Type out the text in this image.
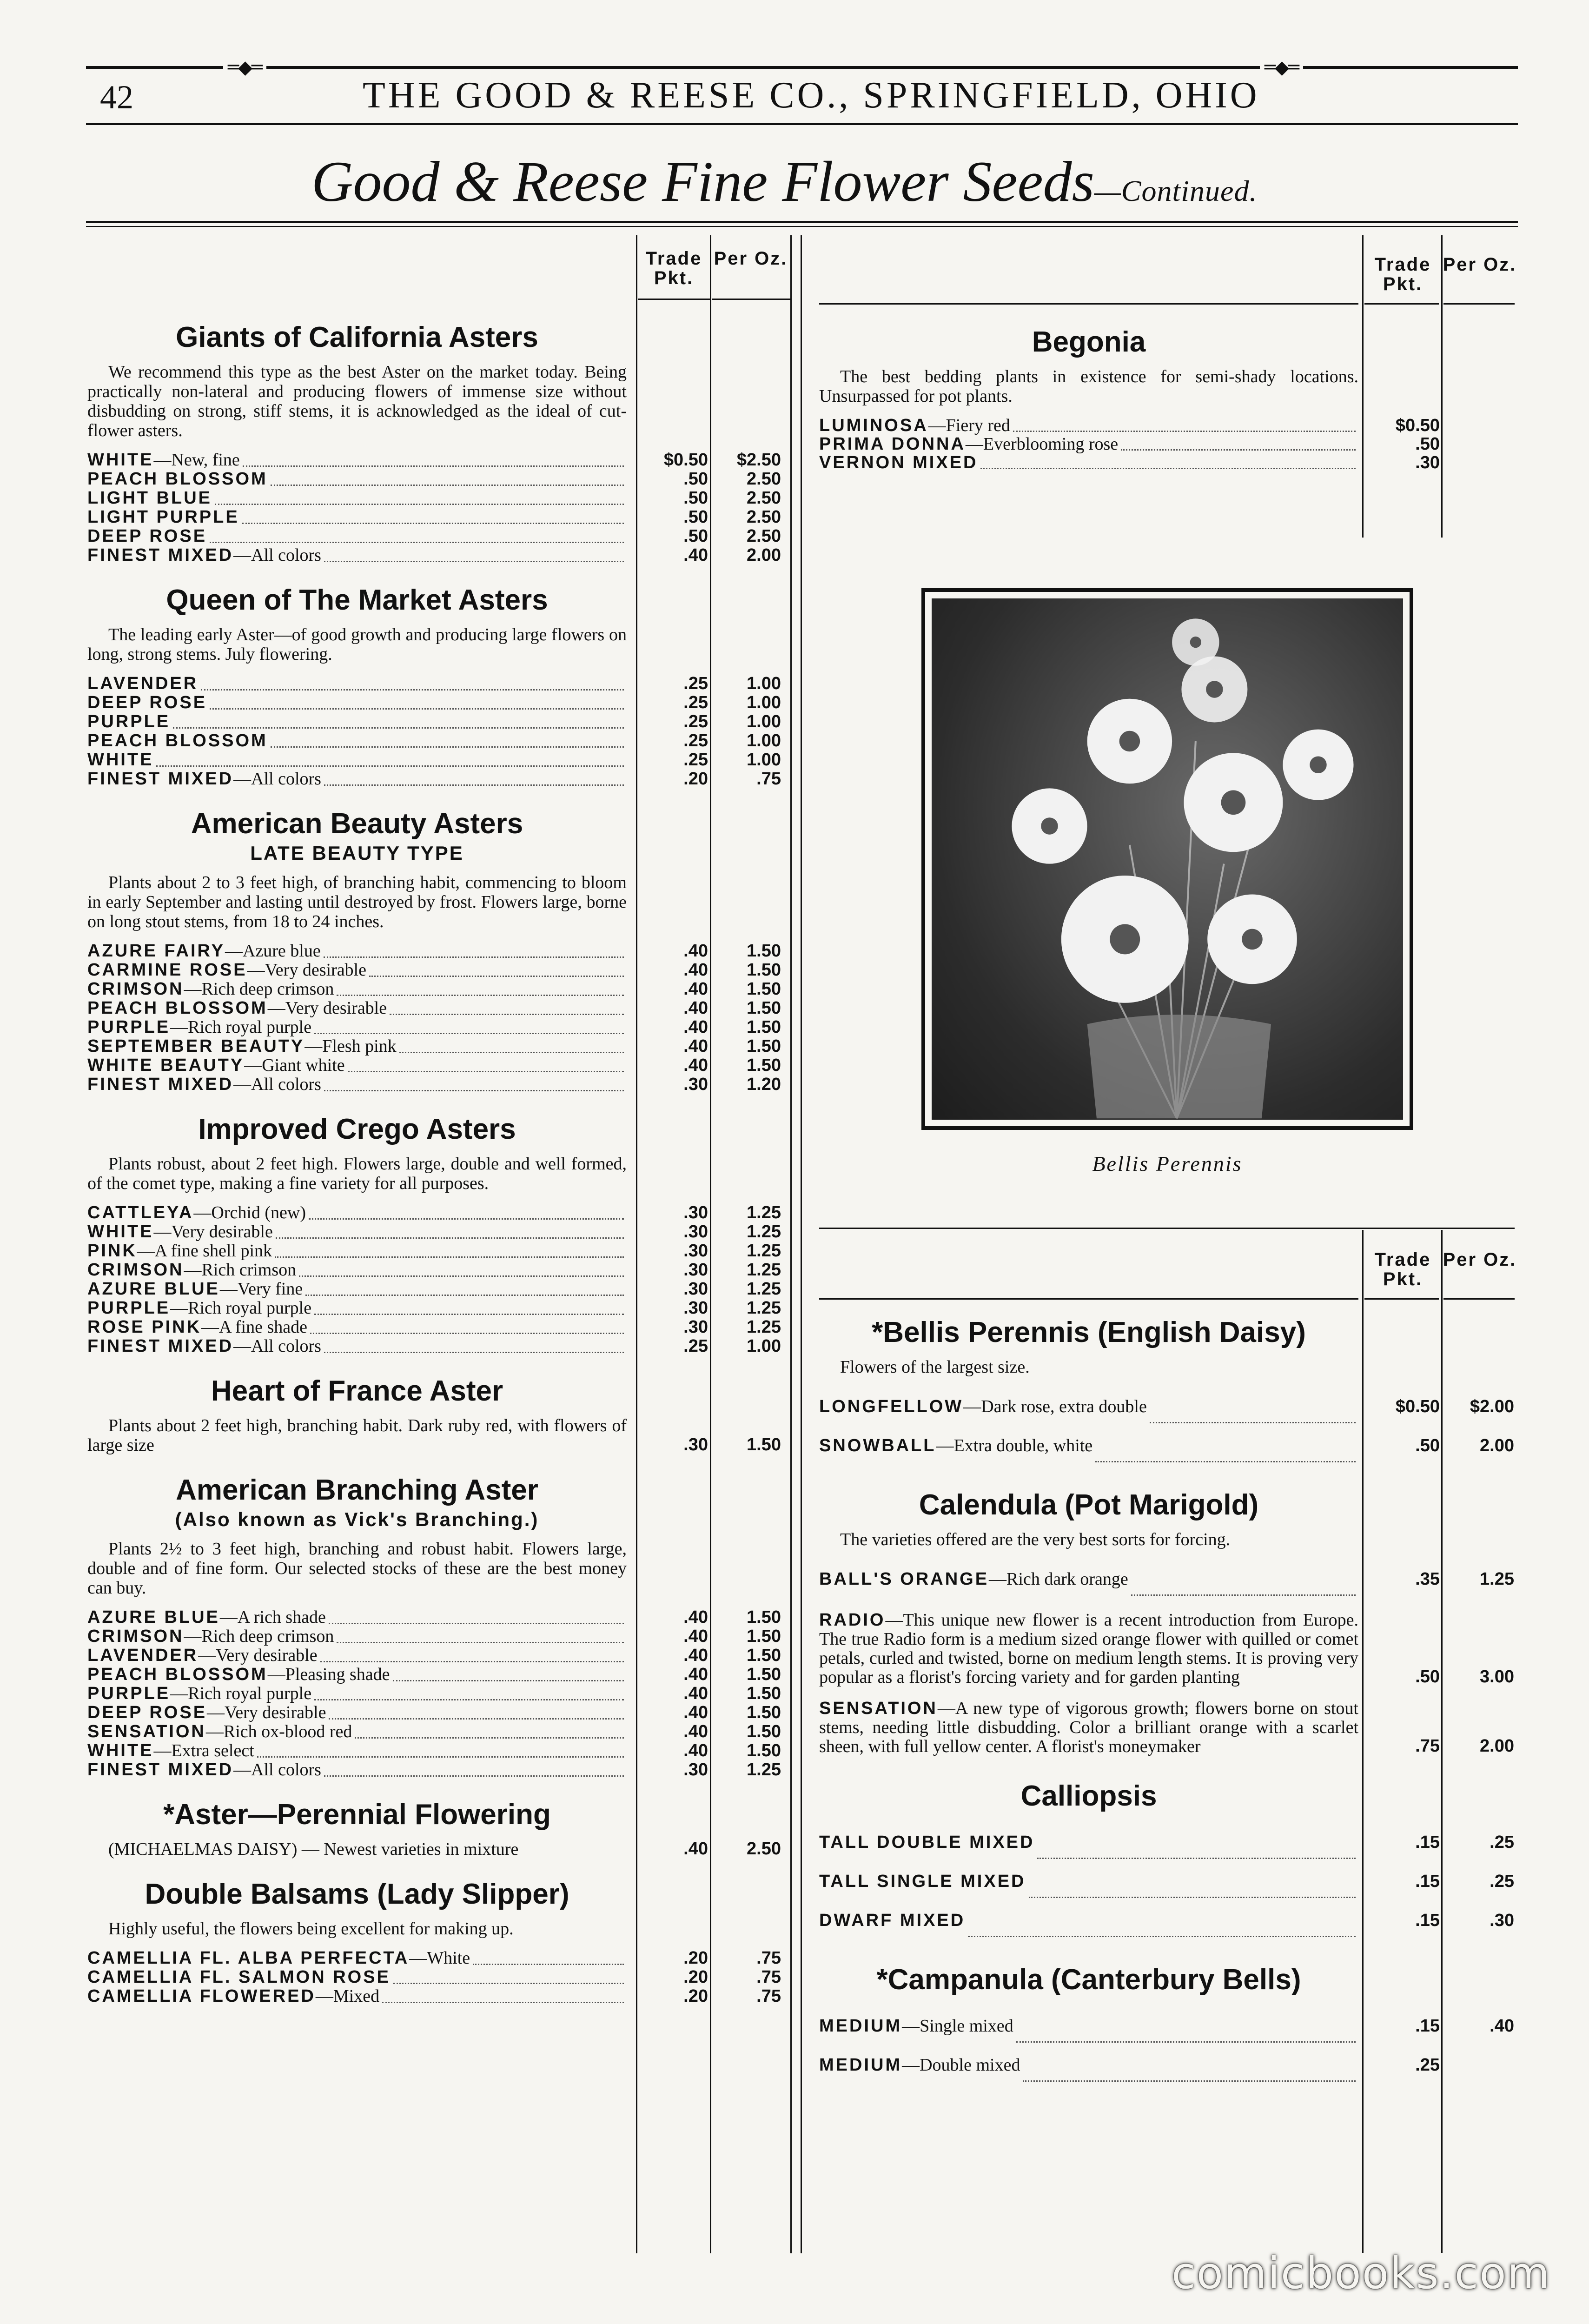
═◆═	═◆═
42	THE GOOD & REESE CO., SPRINGFIELD, OHIO
Good & Reese Fine Flower Seeds—Continued.
Trade Pkt.
Per Oz.	Trade Pkt.
Per Oz.
Trade Pkt.
Per Oz.
Giants of California Asters
We recommend this type as the best Aster on the market today. Being practically non-lateral and producing flowers of immense size without disbudding on strong, stiff stems, it is acknowledged as the ideal of cut-flower asters.
WHITE—New, fine	$0.50	$2.50
PEACH BLOSSOM	.50	2.50
LIGHT BLUE	.50	2.50
LIGHT PURPLE	.50	2.50
DEEP ROSE	.50	2.50
FINEST MIXED—All colors	.40	2.00
Queen of The Market Asters
The leading early Aster—of good growth and producing large flowers on long, strong stems. July flowering.
LAVENDER	.25	1.00
DEEP ROSE	.25	1.00
PURPLE	.25	1.00
PEACH BLOSSOM	.25	1.00
WHITE	.25	1.00
FINEST MIXED—All colors	.20	.75
American Beauty Asters
LATE BEAUTY TYPE
Plants about 2 to 3 feet high, of branching habit, commencing to bloom in early September and lasting until destroyed by frost. Flowers large, borne on long stout stems, from 18 to 24 inches.
AZURE FAIRY—Azure blue	.40	1.50
CARMINE ROSE—Very desirable	.40	1.50
CRIMSON—Rich deep crimson	.40	1.50
PEACH BLOSSOM—Very desirable	.40	1.50
PURPLE—Rich royal purple	.40	1.50
SEPTEMBER BEAUTY—Flesh pink	.40	1.50
WHITE BEAUTY—Giant white	.40	1.50
FINEST MIXED—All colors	.30	1.20
Improved Crego Asters
Plants robust, about 2 feet high. Flowers large, double and well formed, of the comet type, making a fine variety for all purposes.
CATTLEYA—Orchid (new)	.30	1.25
WHITE—Very desirable	.30	1.25
PINK—A fine shell pink	.30	1.25
CRIMSON—Rich crimson	.30	1.25
AZURE BLUE—Very fine	.30	1.25
PURPLE—Rich royal purple	.30	1.25
ROSE PINK—A fine shade	.30	1.25
FINEST MIXED—All colors	.25	1.00
Heart of France Aster
Plants about 2 feet high, branching habit. Dark ruby red, with flowers of large size	.30	1.50
American Branching Aster
(Also known as Vick's Branching.)
Plants 2½ to 3 feet high, branching and robust habit. Flowers large, double and of fine form. Our selected stocks of these are the best money can buy.
AZURE BLUE—A rich shade	.40	1.50
CRIMSON—Rich deep crimson	.40	1.50
LAVENDER—Very desirable	.40	1.50
PEACH BLOSSOM—Pleasing shade	.40	1.50
PURPLE—Rich royal purple	.40	1.50
DEEP ROSE—Very desirable	.40	1.50
SENSATION—Rich ox-blood red	.40	1.50
WHITE—Extra select	.40	1.50
FINEST MIXED—All colors	.30	1.25
*Aster—Perennial Flowering
(MICHAELMAS DAISY) — Newest varieties in mixture	.40	2.50
Double Balsams (Lady Slipper)
Highly useful, the flowers being excellent for making up.
CAMELLIA FL. ALBA PERFECTA—White	.20	.75
CAMELLIA FL. SALMON ROSE	.20	.75
CAMELLIA FLOWERED—Mixed	.20	.75
Begonia
The best bedding plants in existence for semi-shady locations. Unsurpassed for pot plants.
LUMINOSA—Fiery red	$0.50
PRIMA DONNA—Everblooming rose	.50
VERNON MIXED	.30
Bellis Perennis
*Bellis Perennis (English Daisy)
Flowers of the largest size.
LONGFELLOW—Dark rose, extra double	$0.50	$2.00
SNOWBALL—Extra double, white	.50	2.00
Calendula (Pot Marigold)
The varieties offered are the very best sorts for forcing.
BALL'S ORANGE—Rich dark orange	.35	1.25
RADIO—This unique new flower is a recent introduction from Europe. The true Radio form is a medium sized orange flower with quilled or comet petals, curled and twisted, borne on medium length stems. It is proving very popular as a florist's forcing variety and for garden planting	.50	3.00
SENSATION—A new type of vigorous growth; flowers borne on stout stems, needing little disbudding. Color a brilliant orange with a scarlet sheen, with full yellow center. A florist's moneymaker	.75	2.00
Calliopsis
TALL DOUBLE MIXED	.15	.25
TALL SINGLE MIXED	.15	.25
DWARF MIXED	.15	.30
*Campanula (Canterbury Bells)
MEDIUM—Single mixed	.15	.40
MEDIUM—Double mixed	.25
comicbooks.com
